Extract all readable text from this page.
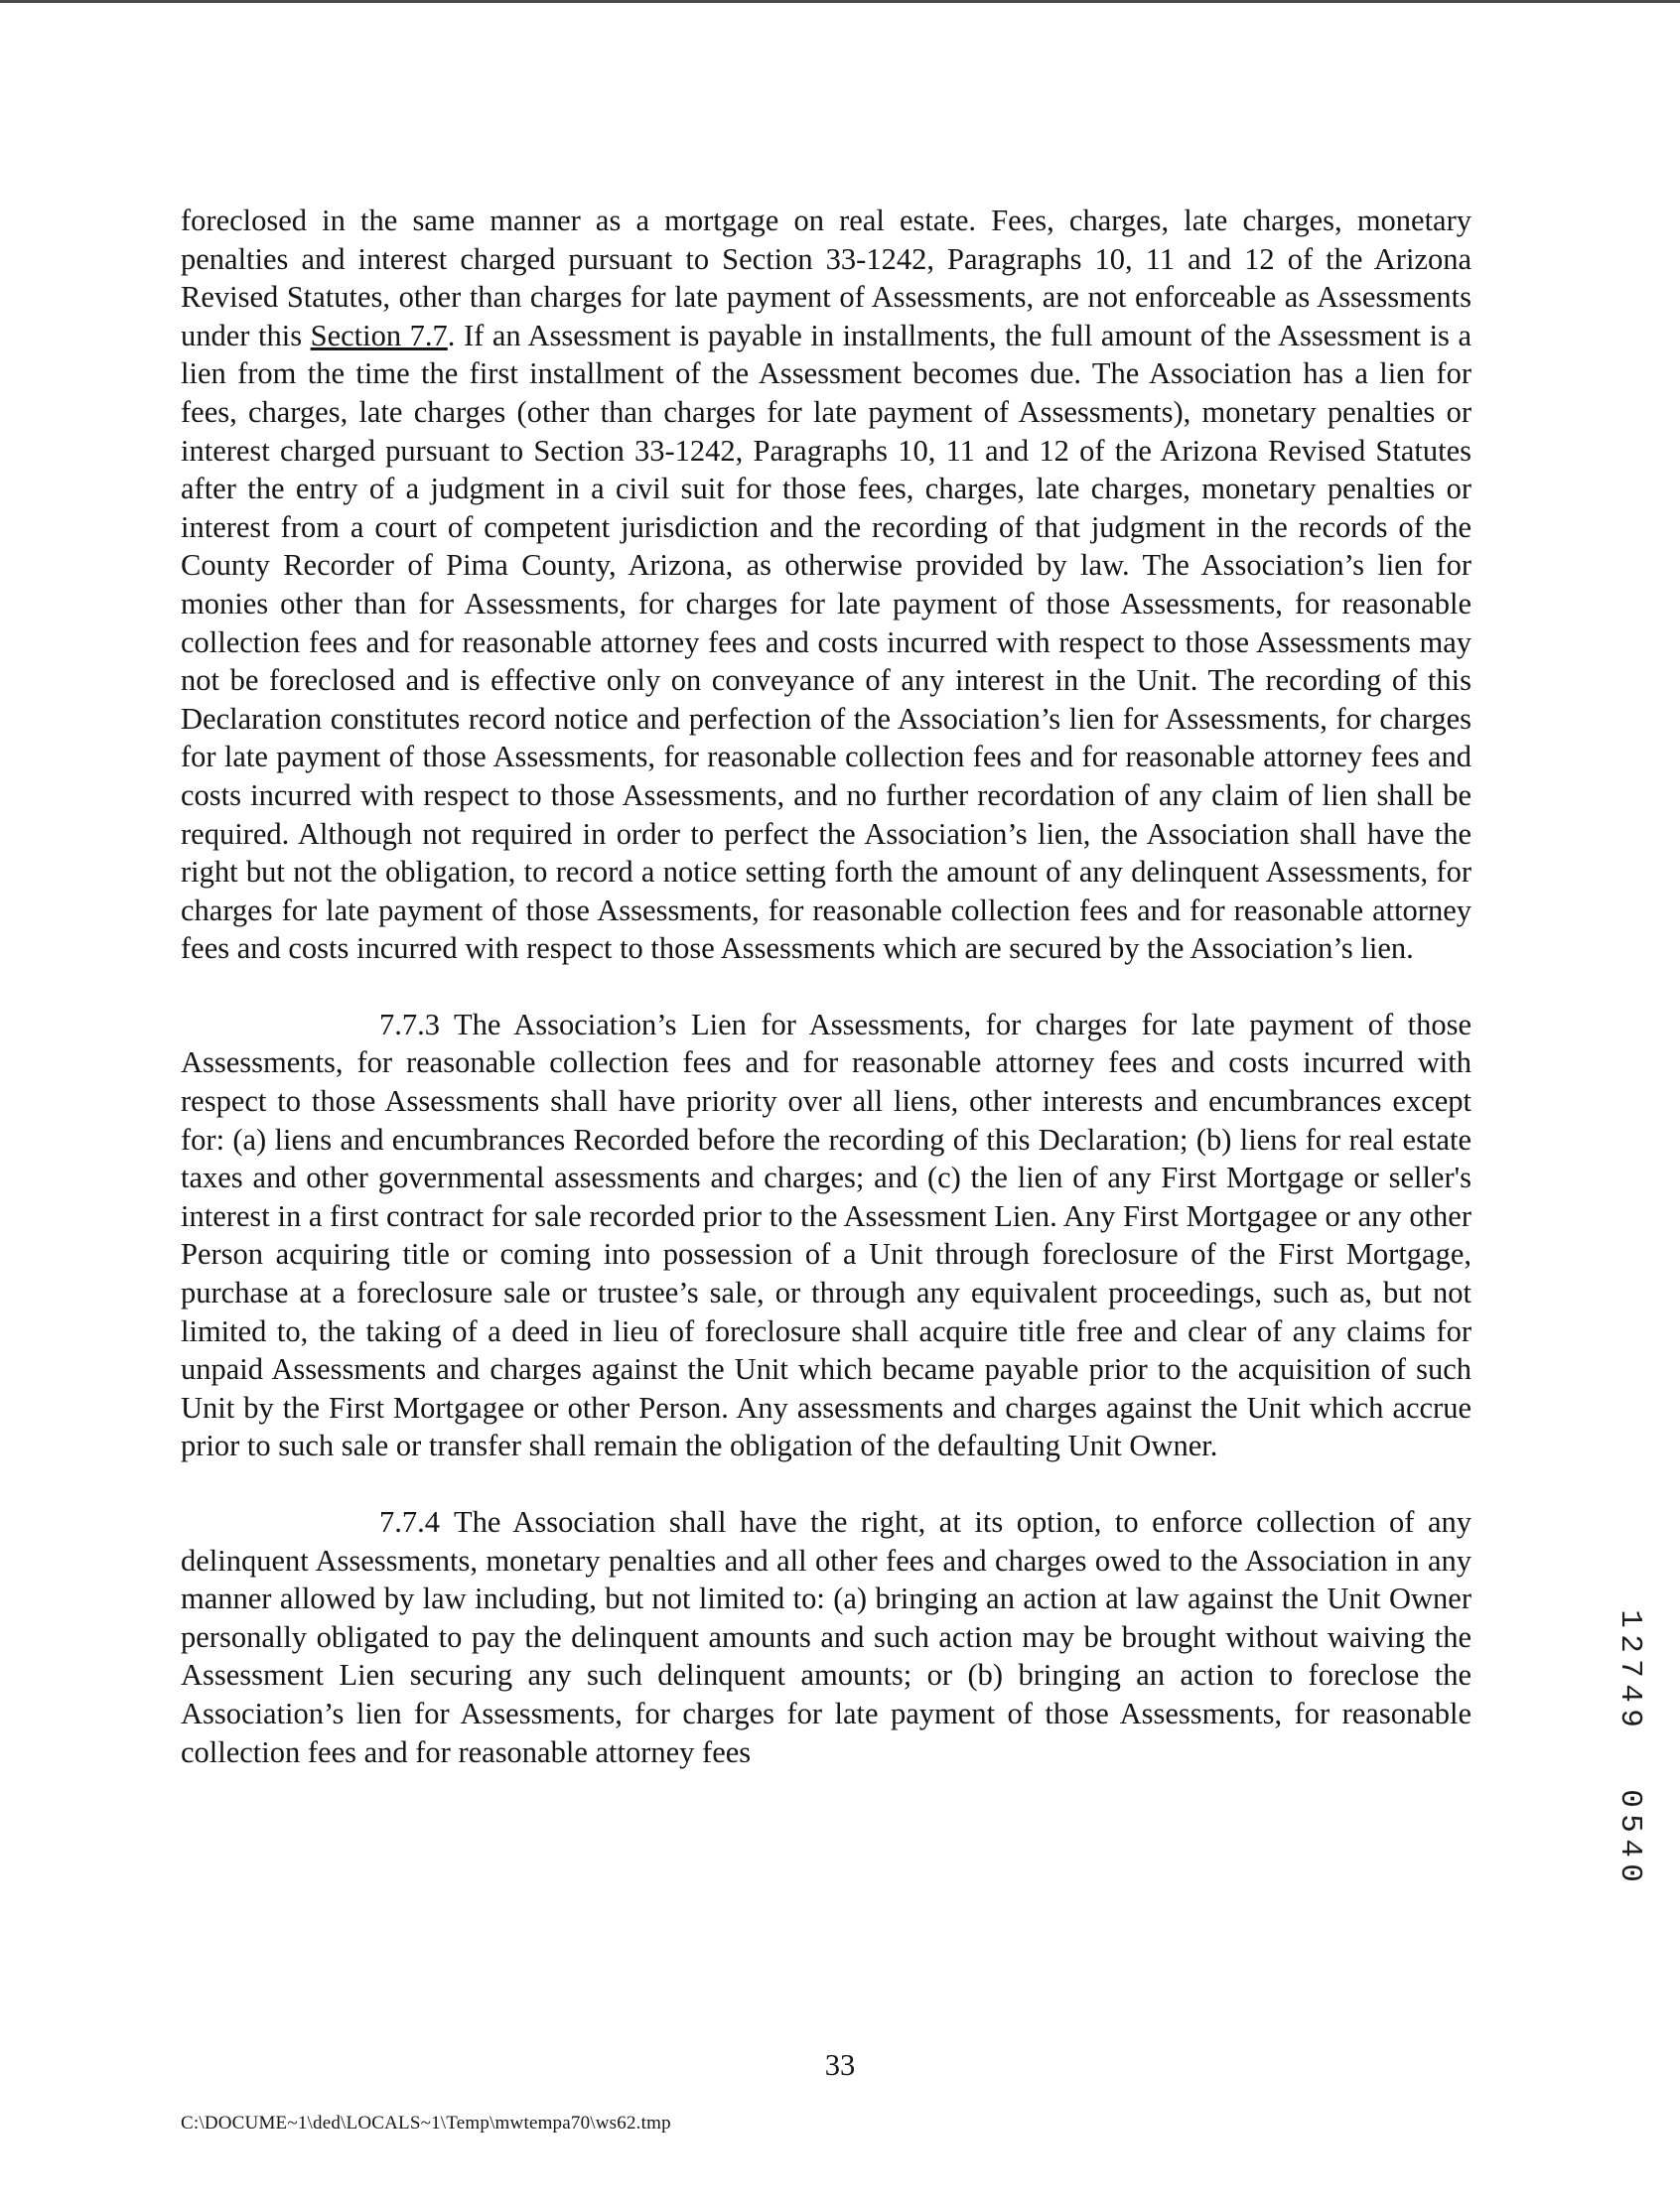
foreclosed in the same manner as a mortgage on real estate. Fees, charges, late charges, monetary penalties and interest charged pursuant to Section 33-1242, Paragraphs 10, 11 and 12 of the Arizona Revised Statutes, other than charges for late payment of Assessments, are not enforceable as Assessments under this Section 7.7. If an Assessment is payable in installments, the full amount of the Assessment is a lien from the time the first installment of the Assessment becomes due. The Association has a lien for fees, charges, late charges (other than charges for late payment of Assessments), monetary penalties or interest charged pursuant to Section 33-1242, Paragraphs 10, 11 and 12 of the Arizona Revised Statutes after the entry of a judgment in a civil suit for those fees, charges, late charges, monetary penalties or interest from a court of competent jurisdiction and the recording of that judgment in the records of the County Recorder of Pima County, Arizona, as otherwise provided by law. The Association’s lien for monies other than for Assessments, for charges for late payment of those Assessments, for reasonable collection fees and for reasonable attorney fees and costs incurred with respect to those Assessments may not be foreclosed and is effective only on conveyance of any interest in the Unit. The recording of this Declaration constitutes record notice and perfection of the Association’s lien for Assessments, for charges for late payment of those Assessments, for reasonable collection fees and for reasonable attorney fees and costs incurred with respect to those Assessments, and no further recordation of any claim of lien shall be required. Although not required in order to perfect the Association’s lien, the Association shall have the right but not the obligation, to record a notice setting forth the amount of any delinquent Assessments, for charges for late payment of those Assessments, for reasonable collection fees and for reasonable attorney fees and costs incurred with respect to those Assessments which are secured by the Association’s lien.

7.7.3 The Association’s Lien for Assessments, for charges for late payment of those Assessments, for reasonable collection fees and for reasonable attorney fees and costs incurred with respect to those Assessments shall have priority over all liens, other interests and encumbrances except for: (a) liens and encumbrances Recorded before the recording of this Declaration; (b) liens for real estate taxes and other governmental assessments and charges; and (c) the lien of any First Mortgage or seller's interest in a first contract for sale recorded prior to the Assessment Lien. Any First Mortgagee or any other Person acquiring title or coming into possession of a Unit through foreclosure of the First Mortgage, purchase at a foreclosure sale or trustee’s sale, or through any equivalent proceedings, such as, but not limited to, the taking of a deed in lieu of foreclosure shall acquire title free and clear of any claims for unpaid Assessments and charges against the Unit which became payable prior to the acquisition of such Unit by the First Mortgagee or other Person. Any assessments and charges against the Unit which accrue prior to such sale or transfer shall remain the obligation of the defaulting Unit Owner.

7.7.4 The Association shall have the right, at its option, to enforce collection of any delinquent Assessments, monetary penalties and all other fees and charges owed to the Association in any manner allowed by law including, but not limited to: (a) bringing an action at law against the Unit Owner personally obligated to pay the delinquent amounts and such action may be brought without waiving the Assessment Lien securing any such delinquent amounts; or (b) bringing an action to foreclose the Association’s lien for Assessments, for charges for late payment of those Assessments, for reasonable collection fees and for reasonable attorney fees

33
C:\DOCUME~1\ded\LOCALS~1\Temp\mwtempa70\ws62.tmp
1
2
7
4
9
0
5
4
0
